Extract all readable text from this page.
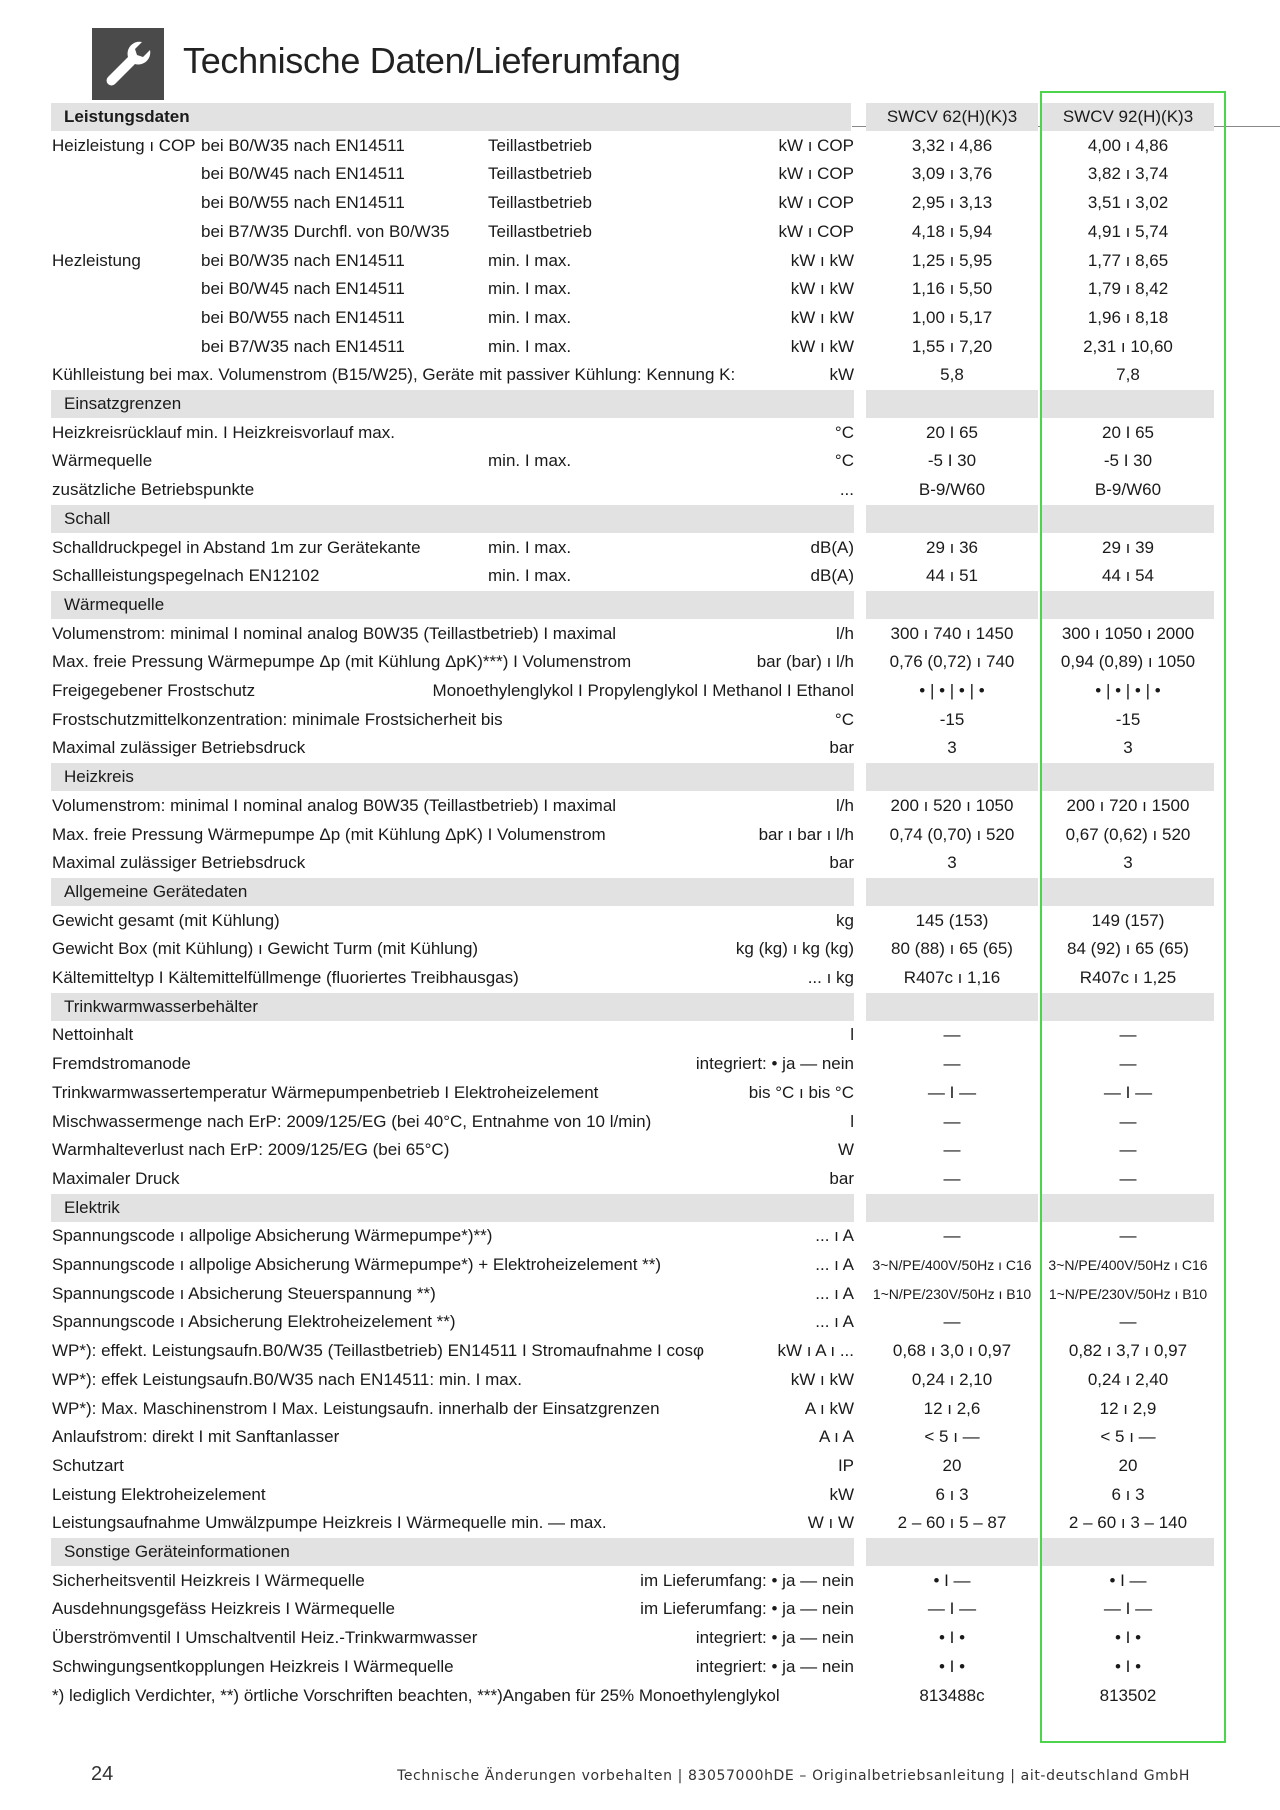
Technische Daten/Lieferumfang
Leistungsdaten	SWCV 62(H)(K)3	SWCV 92(H)(K)3
Heizleistung ı COP bei B0/W35 nach EN14511	Teillastbetrieb	kW ı COP	3,32 ı 4,86	4,00 ı 4,86
bei B0/W45 nach EN14511	Teillastbetrieb	kW ı COP	3,09 ı 3,76	3,82 ı 3,74
bei B0/W55 nach EN14511	Teillastbetrieb	kW ı COP	2,95 ı 3,13	3,51 ı 3,02
bei B7/W35 Durchfl. von B0/W35 Teillastbetrieb	kW ı COP	4,18 ı 5,94	4,91 ı 5,74
Hezleistung	bei B0/W35 nach EN14511	min. I max.	kW ı kW	1,25 ı 5,95	1,77 ı 8,65
bei B0/W45 nach EN14511	min. I max.	kW ı kW	1,16 ı 5,50	1,79 ı 8,42
bei B0/W55 nach EN14511	min. I max.	kW ı kW	1,00 ı 5,17	1,96 ı 8,18
bei B7/W35 nach EN14511	min. I max.	kW ı kW	1,55 ı 7,20	2,31 ı 10,60
Kühlleistung bei max. Volumenstrom (B15/W25), Geräte mit passiver Kühlung: Kennung K:	kW	5,8	7,8
Einsatzgrenzen
Heizkreisrücklauf min. I Heizkreisvorlauf max.	°C	20 I 65	20 I 65
Wärmequelle	min. I max.	°C	-5 I 30	-5 I 30
zusätzliche Betriebspunkte	...	B-9/W60	B-9/W60
Schall
Schalldruckpegel in Abstand 1m zur Gerätekante	min. I max.	dB(A)	29 ı 36	29 ı 39
Schallleistungspegelnach EN12102	min. I max.	dB(A)	44 ı 51	44 ı 54
Wärmequelle
Volumenstrom: minimal I nominal analog B0W35 (Teillastbetrieb) I maximal	l/h	300 ı 740 ı 1450	300 ı 1050 ı 2000
Max. freie Pressung Wärmepumpe Δp (mit Kühlung ΔpK)***) I Volumenstrom	bar (bar) ı l/h	0,76 (0,72) ı 740	0,94 (0,89) ı 1050
Freigegebener Frostschutz	Monoethylenglykol I Propylenglykol I Methanol I Ethanol	• | • | • | •	• | • | • | •
Frostschutzmittelkonzentration: minimale Frostsicherheit bis	°C	-15	-15
Maximal zulässiger Betriebsdruck	bar	3	3
Heizkreis
Volumenstrom: minimal I nominal analog B0W35 (Teillastbetrieb) I maximal	l/h	200 ı 520 ı 1050	200 ı 720 ı 1500
Max. freie Pressung Wärmepumpe Δp (mit Kühlung ΔpK) I Volumenstrom	bar ı bar ı l/h	0,74 (0,70) ı 520	0,67 (0,62) ı 520
Maximal zulässiger Betriebsdruck	bar	3	3
Allgemeine Gerätedaten
Gewicht gesamt (mit Kühlung)	kg	145 (153)	149 (157)
Gewicht Box (mit Kühlung) ı Gewicht Turm (mit Kühlung)	kg (kg) ı kg (kg)	80 (88) ı 65 (65)	84 (92) ı 65 (65)
Kältemitteltyp I Kältemittelfüllmenge (fluoriertes Treibhausgas)	... ı kg	R407c ı 1,16	R407c ı 1,25
Trinkwarmwasserbehälter
Nettoinhalt	l	—	—
Fremdstromanode	integriert: • ja — nein	—	—
Trinkwarmwassertemperatur Wärmepumpenbetrieb I Elektroheizelement	bis °C ı bis °C	— I —	— I —
Mischwassermenge nach ErP: 2009/125/EG (bei 40°C, Entnahme von 10 l/min)	l	—	—
Warmhalteverlust nach ErP: 2009/125/EG (bei 65°C)	W	—	—
Maximaler Druck	bar	—	—
Elektrik
Spannungscode ı allpolige Absicherung Wärmepumpe*)**)	... ı A	—	—
Spannungscode ı allpolige Absicherung Wärmepumpe*) + Elektroheizelement **)	... ı A	3~N/PE/400V/50Hz ı C16	3~N/PE/400V/50Hz ı C16
Spannungscode ı Absicherung Steuerspannung **)	... ı A	1~N/PE/230V/50Hz ı B10	1~N/PE/230V/50Hz ı B10
Spannungscode ı Absicherung Elektroheizelement **)	... ı A	—	—
WP*): effekt. Leistungsaufn.B0/W35 (Teillastbetrieb) EN14511 I Stromaufnahme I cosφ	kW ı A ı ...	0,68 ı 3,0 ı 0,97	0,82 ı 3,7 ı 0,97
WP*): effek Leistungsaufn.B0/W35 nach EN14511: min. I max.	kW ı kW	0,24 ı 2,10	0,24 ı 2,40
WP*): Max. Maschinenstrom I Max. Leistungsaufn. innerhalb der Einsatzgrenzen	A ı kW	12 ı 2,6	12 ı 2,9
Anlaufstrom: direkt I mit Sanftanlasser	A ı A	< 5 ı —	< 5 ı —
Schutzart	IP	20	20
Leistung Elektroheizelement	kW	6 ı 3	6 ı 3
Leistungsaufnahme Umwälzpumpe Heizkreis I Wärmequelle min. — max.	W ı W	2 – 60 ı 5 – 87	2 – 60 ı 3 – 140
Sonstige Geräteinformationen
Sicherheitsventil Heizkreis I Wärmequelle	im Lieferumfang: • ja — nein	• I —	• I —
Ausdehnungsgefäss Heizkreis I Wärmequelle	im Lieferumfang: • ja — nein	— I —	— I —
Überströmventil I Umschaltventil Heiz.-Trinkwarmwasser	integriert: • ja — nein	• I •	• I •
Schwingungsentkopplungen Heizkreis I Wärmequelle	integriert: • ja — nein	• I •	• I •
*) lediglich Verdichter, **) örtliche Vorschriften beachten, ***)Angaben für 25% Monoethylenglykol	813488c	813502
24	Technische Änderungen vorbehalten | 83057000hDE – Originalbetriebsanleitung | ait-deutschland GmbH
